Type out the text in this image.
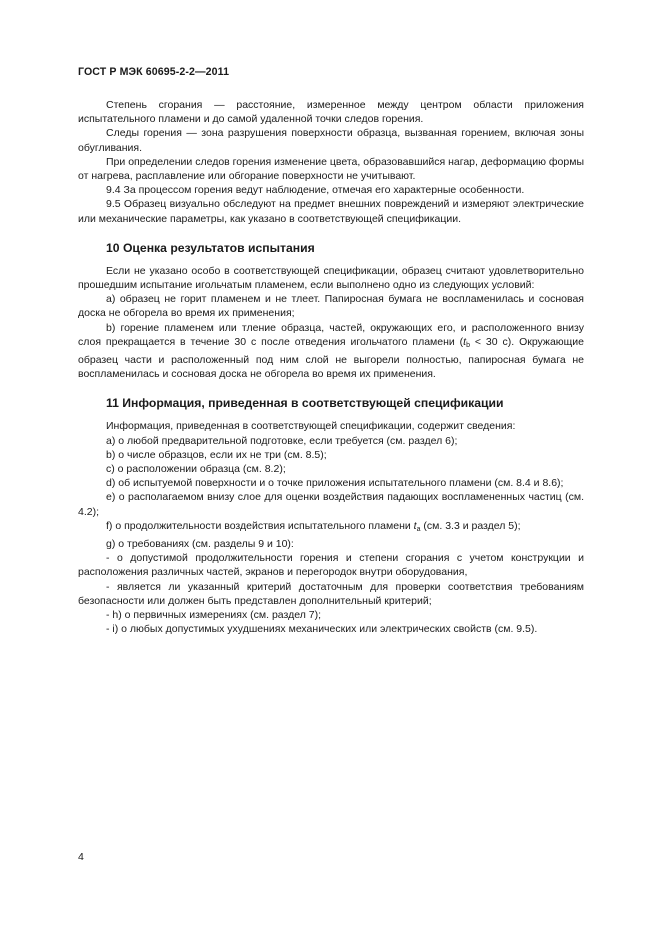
ГОСТ Р МЭК 60695-2-2—2011

Степень сгорания — расстояние, измеренное между центром области приложения испытательного пламени и до самой удаленной точки следов горения.

Следы горения — зона разрушения поверхности образца, вызванная горением, включая зоны обугливания.

При определении следов горения изменение цвета, образовавшийся нагар, деформацию формы от нагрева, расплавление или обгорание поверхности не учитывают.

9.4 За процессом горения ведут наблюдение, отмечая его характерные особенности.

9.5 Образец визуально обследуют на предмет внешних повреждений и измеряют электрические или механические параметры, как указано в соответствующей спецификации.

10 Оценка результатов испытания

Если не указано особо в соответствующей спецификации, образец считают удовлетворительно прошедшим испытание игольчатым пламенем, если выполнено одно из следующих условий:

а) образец не горит пламенем и не тлеет. Папиросная бумага не воспламенилась и сосновая доска не обгорела во время их применения;

b) горение пламенем или тление образца, частей, окружающих его, и расположенного внизу слоя прекращается в течение 30 с после отведения игольчатого пламени ($t_b < 30$ с). Окружающие образец части и расположенный под ним слой не выгорели полностью, папиросная бумага не воспламенилась и сосновая доска не обгорела во время их применения.

11 Информация, приведенная в соответствующей спецификации

Информация, приведенная в соответствующей спецификации, содержит сведения:

а) о любой предварительной подготовке, если требуется (см. раздел 6);

b) о числе образцов, если их не три (см. 8.5);

с) о расположении образца (см. 8.2);

d) об испытуемой поверхности и о точке приложения испытательного пламени (см. 8.4 и 8.6);

е) о располагаемом внизу слое для оценки воздействия падающих воспламененных частиц (см. 4.2);

f) о продолжительности воздействия испытательного пламени $t_a$ (см. 3.3 и раздел 5);

g) о требованиях (см. разделы 9 и 10):

- о допустимой продолжительности горения и степени сгорания с учетом конструкции и расположения различных частей, экранов и перегородок внутри оборудования,

- является ли указанный критерий достаточным для проверки соответствия требованиям безопасности или должен быть представлен дополнительный критерий;

- h) о первичных измерениях (см. раздел 7);

- i) о любых допустимых ухудшениях механических или электрических свойств (см. 9.5).

4
